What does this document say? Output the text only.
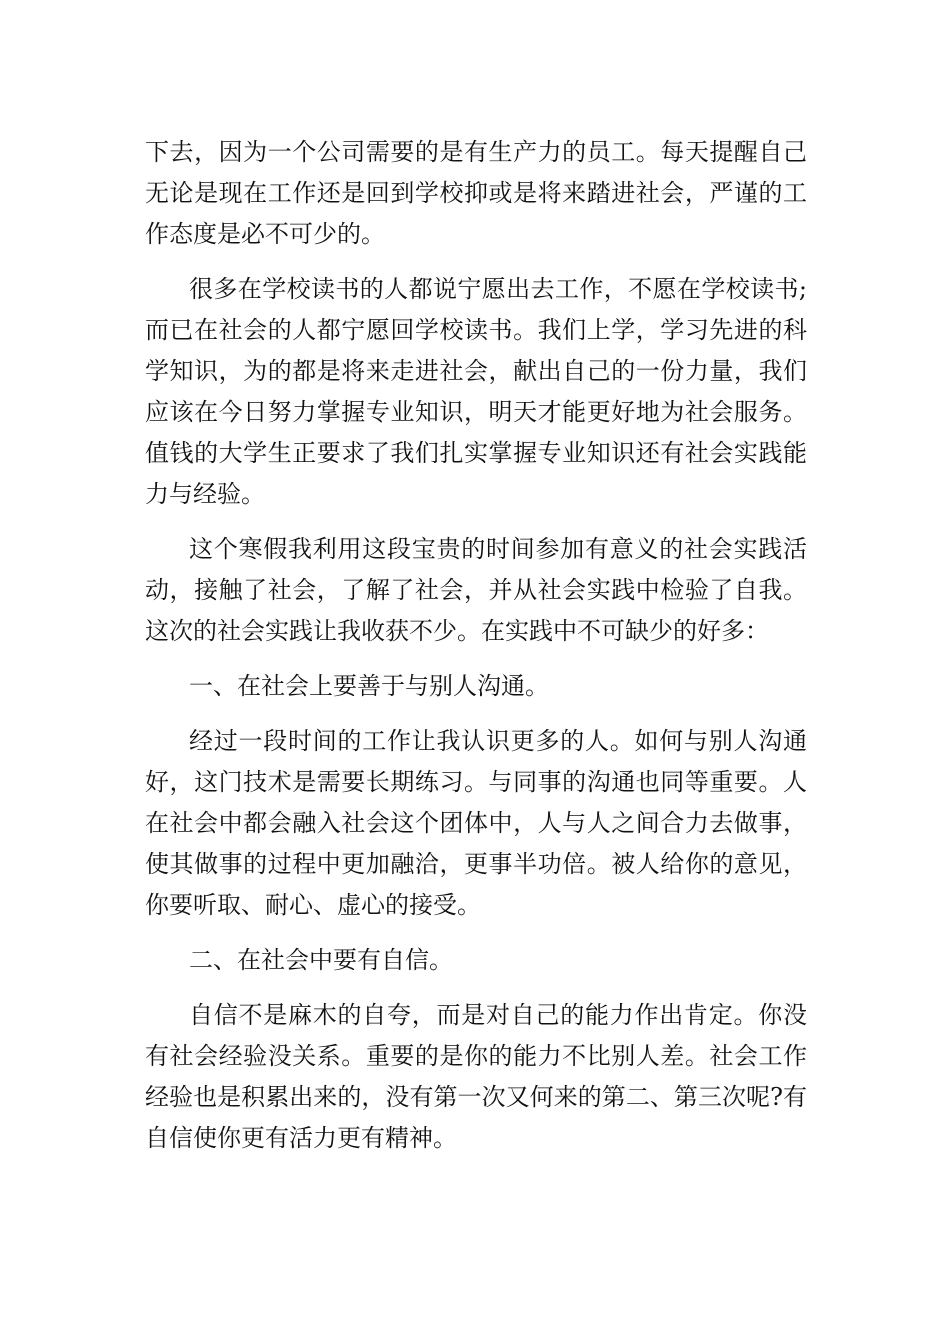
下去，因为一个公司需要的是有生产力的员工。每天提醒自己无论是现在工作还是回到学校抑或是将来踏进社会，严谨的工作态度是必不可少的。

很多在学校读书的人都说宁愿出去工作，不愿在学校读书;而已在社会的人都宁愿回学校读书。我们上学，学习先进的科学知识，为的都是将来走进社会，献出自己的一份力量，我们应该在今日努力掌握专业知识，明天才能更好地为社会服务。值钱的大学生正要求了我们扎实掌握专业知识还有社会实践能力与经验。

这个寒假我利用这段宝贵的时间参加有意义的社会实践活动，接触了社会，了解了社会，并从社会实践中检验了自我。这次的社会实践让我收获不少。在实践中不可缺少的好多：

一、在社会上要善于与别人沟通。

经过一段时间的工作让我认识更多的人。如何与别人沟通好，这门技术是需要长期练习。与同事的沟通也同等重要。人在社会中都会融入社会这个团体中，人与人之间合力去做事，使其做事的过程中更加融洽，更事半功倍。被人给你的意见，你要听取、耐心、虚心的接受。

二、在社会中要有自信。

自信不是麻木的自夸，而是对自己的能力作出肯定。你没有社会经验没关系。重要的是你的能力不比别人差。社会工作经验也是积累出来的，没有第一次又何来的第二、第三次呢?有自信使你更有活力更有精神。
